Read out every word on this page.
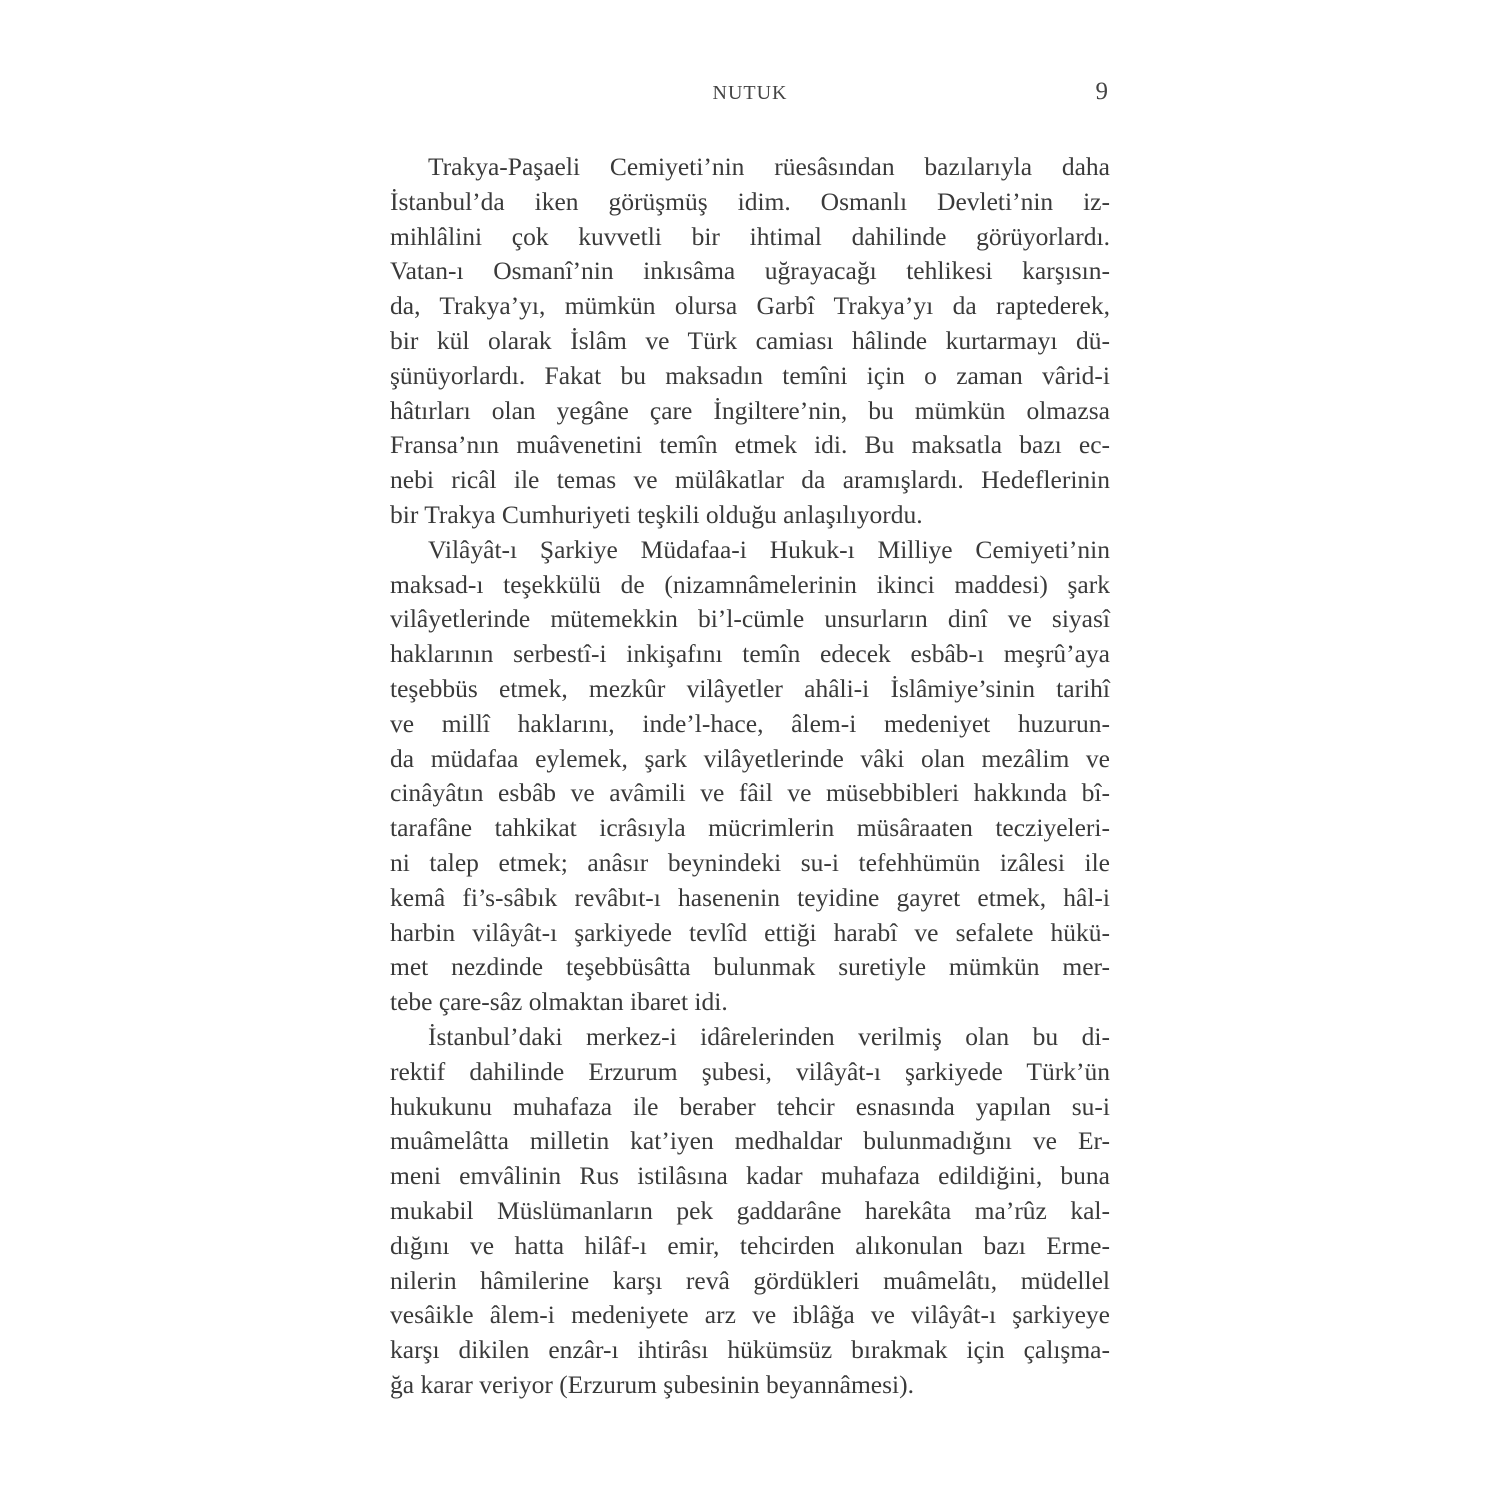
NUTUK	9

Trakya-Paşaeli Cemiyeti’nin rüesâsından bazılarıyla daha
İstanbul’da iken görüşmüş idim. Osmanlı Devleti’nin iz-
mihlâlini çok kuvvetli bir ihtimal dahilinde görüyorlardı.
Vatan-ı Osmanî’nin inkısâma uğrayacağı tehlikesi karşısın-
da, Trakya’yı, mümkün olursa Garbî Trakya’yı da raptederek,
bir kül olarak İslâm ve Türk camiası hâlinde kurtarmayı dü-
şünüyorlardı. Fakat bu maksadın temîni için o zaman vârid-i
hâtırları olan yegâne çare İngiltere’nin, bu mümkün olmazsa
Fransa’nın muâvenetini temîn etmek idi. Bu maksatla bazı ec-
nebi ricâl ile temas ve mülâkatlar da aramışlardı. Hedeflerinin
bir Trakya Cumhuriyeti teşkili olduğu anlaşılıyordu.

Vilâyât-ı Şarkiye Müdafaa-i Hukuk-ı Milliye Cemiyeti’nin
maksad-ı teşekkülü de (nizamnâmelerinin ikinci maddesi) şark
vilâyetlerinde mütemekkin bi’l-cümle unsurların dinî ve siyasî
haklarının serbestî-i inkişafını temîn edecek esbâb-ı meşrû’aya
teşebbüs etmek, mezkûr vilâyetler ahâli-i İslâmiye’sinin tarihî
ve millî haklarını, inde’l-hace, âlem-i medeniyet huzurun-
da müdafaa eylemek, şark vilâyetlerinde vâki olan mezâlim ve
cinâyâtın esbâb ve avâmili ve fâil ve müsebbibleri hakkında bî-
tarafâne tahkikat icrâsıyla mücrimlerin müsâraaten tecziyeleri-
ni talep etmek; anâsır beynindeki su-i tefehhümün izâlesi ile
kemâ fi’s-sâbık revâbıt-ı hasenenin teyidine gayret etmek, hâl-i
harbin vilâyât-ı şarkiyede tevlîd ettiği harabî ve sefalete hükü-
met nezdinde teşebbüsâtta bulunmak suretiyle mümkün mer-
tebe çare-sâz olmaktan ibaret idi.

İstanbul’daki merkez-i idârelerinden verilmiş olan bu di-
rektif dahilinde Erzurum şubesi, vilâyât-ı şarkiyede Türk’ün
hukukunu muhafaza ile beraber tehcir esnasında yapılan su-i
muâmelâtta milletin kat’iyen medhaldar bulunmadığını ve Er-
meni emvâlinin Rus istilâsına kadar muhafaza edildiğini, buna
mukabil Müslümanların pek gaddarâne harekâta ma’rûz kal-
dığını ve hatta hilâf-ı emir, tehcirden alıkonulan bazı Erme-
nilerin hâmilerine karşı revâ gördükleri muâmelâtı, müdellel
vesâikle âlem-i medeniyete arz ve iblâğa ve vilâyât-ı şarkiyeye
karşı dikilen enzâr-ı ihtirâsı hükümsüz bırakmak için çalışma-
ğa karar veriyor (Erzurum şubesinin beyannâmesi).
